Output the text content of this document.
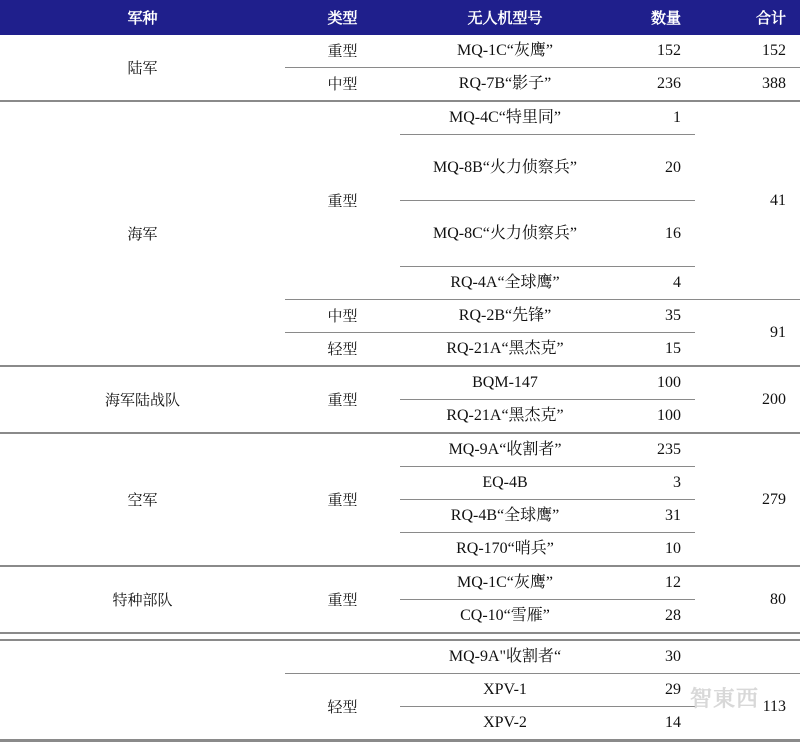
军种	类型	无人机型号	数量	合计
陆军	重型	MQ-1C“灰鹰”	152	152
	中型	RQ-7B“影子”	236	388
海军	重型	MQ-4C“特里同”	1	41
		MQ-8B“火力侦察兵”	20	
		MQ-8C“火力侦察兵”	16	
		RQ-4A“全球鹰”	4	
	中型	RQ-2B“先锋”	35	91
	轻型	RQ-21A“黑杰克”	15	
海军陆战队	重型	BQM-147	100	200
		RQ-21A“黑杰克”	100	
空军	重型	MQ-9A“收割者”	235	279
		EQ-4B	3	
		RQ-4B“全球鹰”	31	
		RQ-170“哨兵”	10	
特种部队	重型	MQ-1C“灰鹰”	12	80
		CQ-10“雪雁”	28	

		MQ-9A"收割者“	30	
	轻型	XPV-1	29	113
		XPV-2	14	
智東西
